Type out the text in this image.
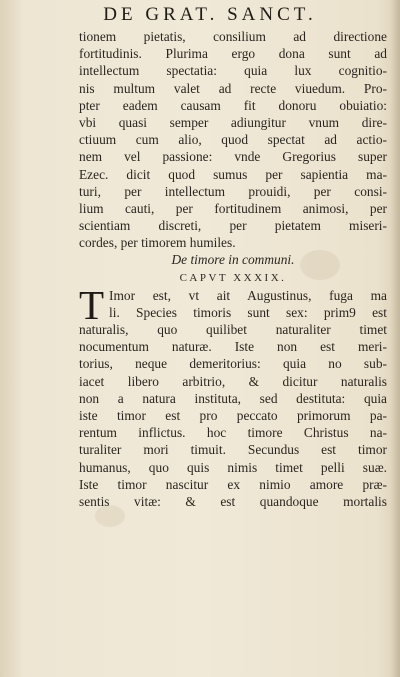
DE GRAT. SANCT.
tionem pietatis, consilium ad directione
fortitudinis. Plurima ergo dona sunt ad
intellectum spectatia: quia lux cognitio-
nis multum valet ad recte viuedum. Pro-
pter eadem causam fit donoru obuiatio:
vbi quasi semper adiungitur vnum dire-
ctiuum cum alio, quod spectat ad actio-
nem vel passione: vnde Gregorius super
Ezec. dicit quod sumus per sapientia ma-
turi, per intellectum prouidi, per consi-
lium cauti, per fortitudinem animosi, per
scientiam discreti, per pietatem miseri-
cordes, per timorem humiles.
De timore in communi.
CAPVT XXXIX.
T Imor est, vt ait Augustinus, fuga ma
li. Species timoris sunt sex: prim9 est
naturalis, quo quilibet naturaliter timet
nocumentum naturæ. Iste non est meri-
torius, neque demeritorius: quia no sub-
iacet libero arbitrio, & dicitur naturalis
non a natura instituta, sed destituta: quia
iste timor est pro peccato primorum pa-
rentum inflictus. hoc timore Christus na-
turaliter mori timuit. Secundus est timor
humanus, quo quis nimis timet pelli suæ.
Iste timor nascitur ex nimio amore præ-
sentis vitæ: & est quandoque mortalis
